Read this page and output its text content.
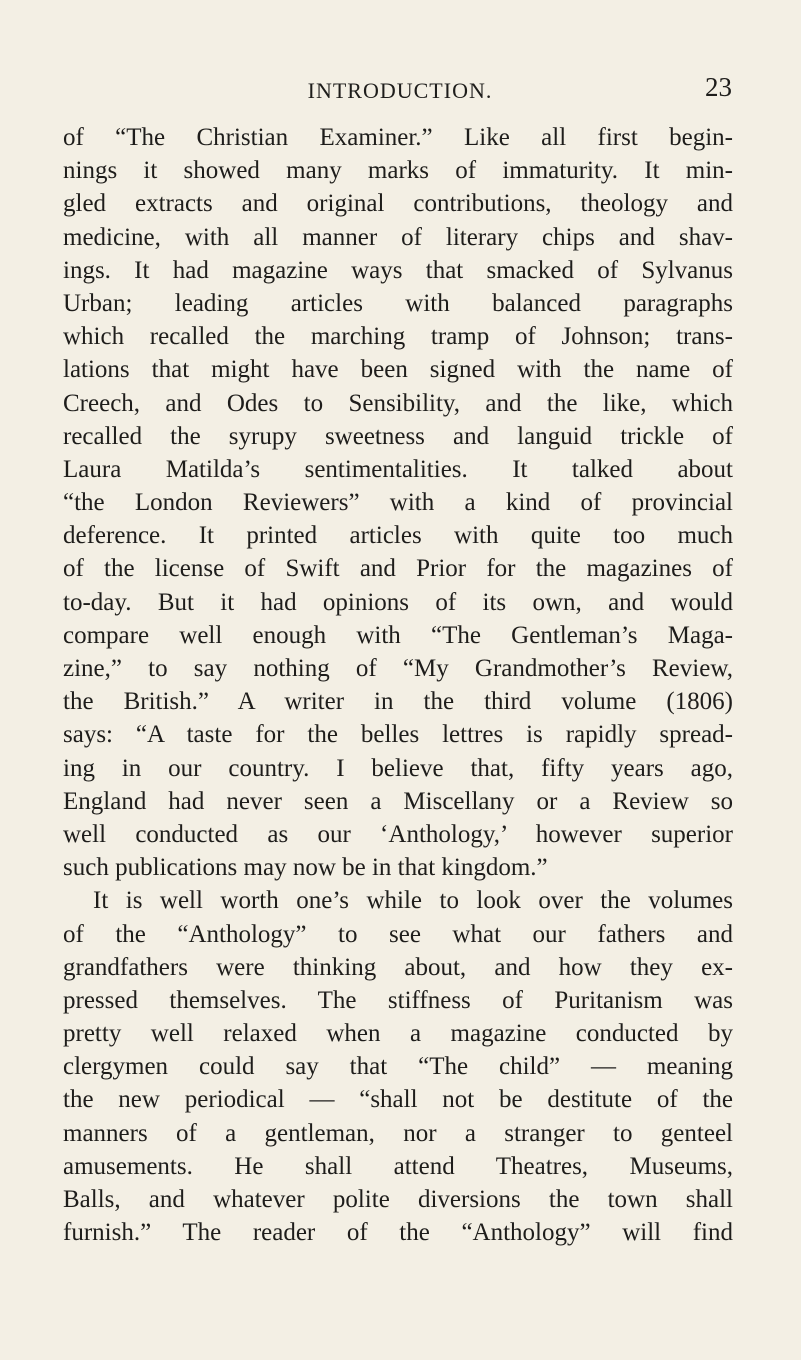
INTRODUCTION.	23
of “The Christian Examiner.” Like all first begin-
nings it showed many marks of immaturity. It min-
gled extracts and original contributions, theology and
medicine, with all manner of literary chips and shav-
ings. It had magazine ways that smacked of Sylvanus
Urban; leading articles with balanced paragraphs
which recalled the marching tramp of Johnson; trans-
lations that might have been signed with the name of
Creech, and Odes to Sensibility, and the like, which
recalled the syrupy sweetness and languid trickle of
Laura Matilda’s sentimentalities. It talked about
“the London Reviewers” with a kind of provincial
deference. It printed articles with quite too much
of the license of Swift and Prior for the magazines of
to-day. But it had opinions of its own, and would
compare well enough with “The Gentleman’s Maga-
zine,” to say nothing of “My Grandmother’s Review,
the British.” A writer in the third volume (1806)
says: “A taste for the belles lettres is rapidly spread-
ing in our country. I believe that, fifty years ago,
England had never seen a Miscellany or a Review so
well conducted as our ‘Anthology,’ however superior
such publications may now be in that kingdom.”
It is well worth one’s while to look over the volumes
of the “Anthology” to see what our fathers and
grandfathers were thinking about, and how they ex-
pressed themselves. The stiffness of Puritanism was
pretty well relaxed when a magazine conducted by
clergymen could say that “The child” — meaning
the new periodical — “shall not be destitute of the
manners of a gentleman, nor a stranger to genteel
amusements. He shall attend Theatres, Museums,
Balls, and whatever polite diversions the town shall
furnish.” The reader of the “Anthology” will find
